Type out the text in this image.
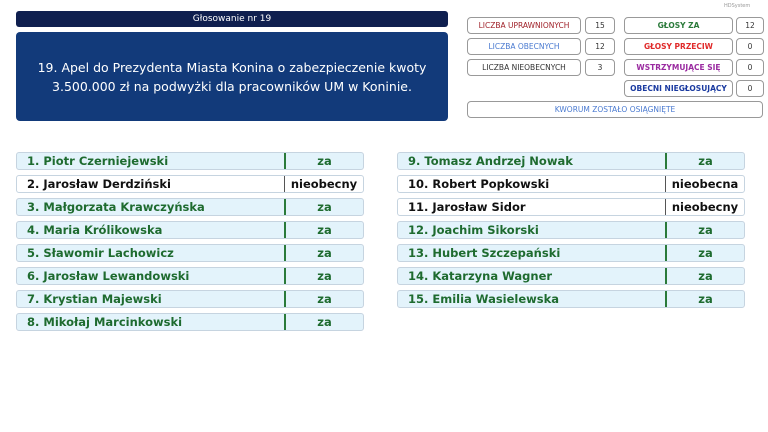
Głosowanie nr 19
HDSystem
19. Apel do Prezydenta Miasta Konina o zabezpieczenie kwoty 3.500.000 zł na podwyżki dla pracowników UM w Koninie.
LICZBA UPRAWNIONYCH	15
LICZBA OBECNYCH	12
LICZBA NIEOBECNYCH	3
GŁOSY ZA	12
GŁOSY PRZECIW	0
WSTRZYMUJĄCE SIĘ	0
OBECNI NIEGŁOSUJĄCY	0
KWORUM ZOSTAŁO OSIĄGNIĘTE
1. Piotr Czerniejewski	za
2. Jarosław Derdziński	nieobecny
3. Małgorzata Krawczyńska	za
4. Maria Królikowska	za
5. Sławomir Lachowicz	za
6. Jarosław Lewandowski	za
7. Krystian Majewski	za
8. Mikołaj Marcinkowski	za
9. Tomasz Andrzej Nowak	za
10. Robert Popkowski	nieobecna
11. Jarosław Sidor	nieobecny
12. Joachim Sikorski	za
13. Hubert Szczepański	za
14. Katarzyna Wagner	za
15. Emilia Wasielewska	za
